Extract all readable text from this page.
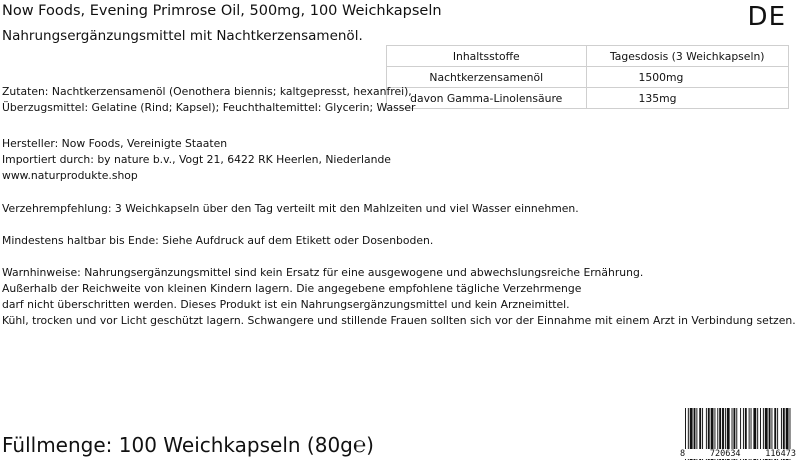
Now Foods, Evening Primrose Oil, 500mg, 100 Weichkapseln
Nahrungsergänzungsmittel mit Nachtkerzensamenöl.
DE
Inhaltsstoffe	Tagesdosis (3 Weichkapseln)
Nachtkerzensamenöl	1500mg
davon Gamma-Linolensäure	135mg
Zutaten: Nachtkerzensamenöl (Oenothera biennis; kaltgepresst, hexanfrei),
Überzugsmittel: Gelatine (Rind; Kapsel); Feuchthaltemittel: Glycerin; Wasser
Hersteller: Now Foods, Vereinigte Staaten
Importiert durch: by nature b.v., Vogt 21, 6422 RK Heerlen, Niederlande
www.naturprodukte.shop
Verzehrempfehlung: 3 Weichkapseln über den Tag verteilt mit den Mahlzeiten und viel Wasser einnehmen.
Mindestens haltbar bis Ende: Siehe Aufdruck auf dem Etikett oder Dosenboden.
Warnhinweise: Nahrungsergänzungsmittel sind kein Ersatz für eine ausgewogene und abwechslungsreiche Ernährung.
Außerhalb der Reichweite von kleinen Kindern lagern. Die angegebene empfohlene tägliche Verzehrmenge
darf nicht überschritten werden. Dieses Produkt ist ein Nahrungsergänzungsmittel und kein Arzneimittel.
Kühl, trocken und vor Licht geschützt lagern. Schwangere und stillende Frauen sollten sich vor der Einnahme mit einem Arzt in Verbindung setzen.
Füllmenge: 100 Weichkapseln (80g℮)	8	720634	116473
